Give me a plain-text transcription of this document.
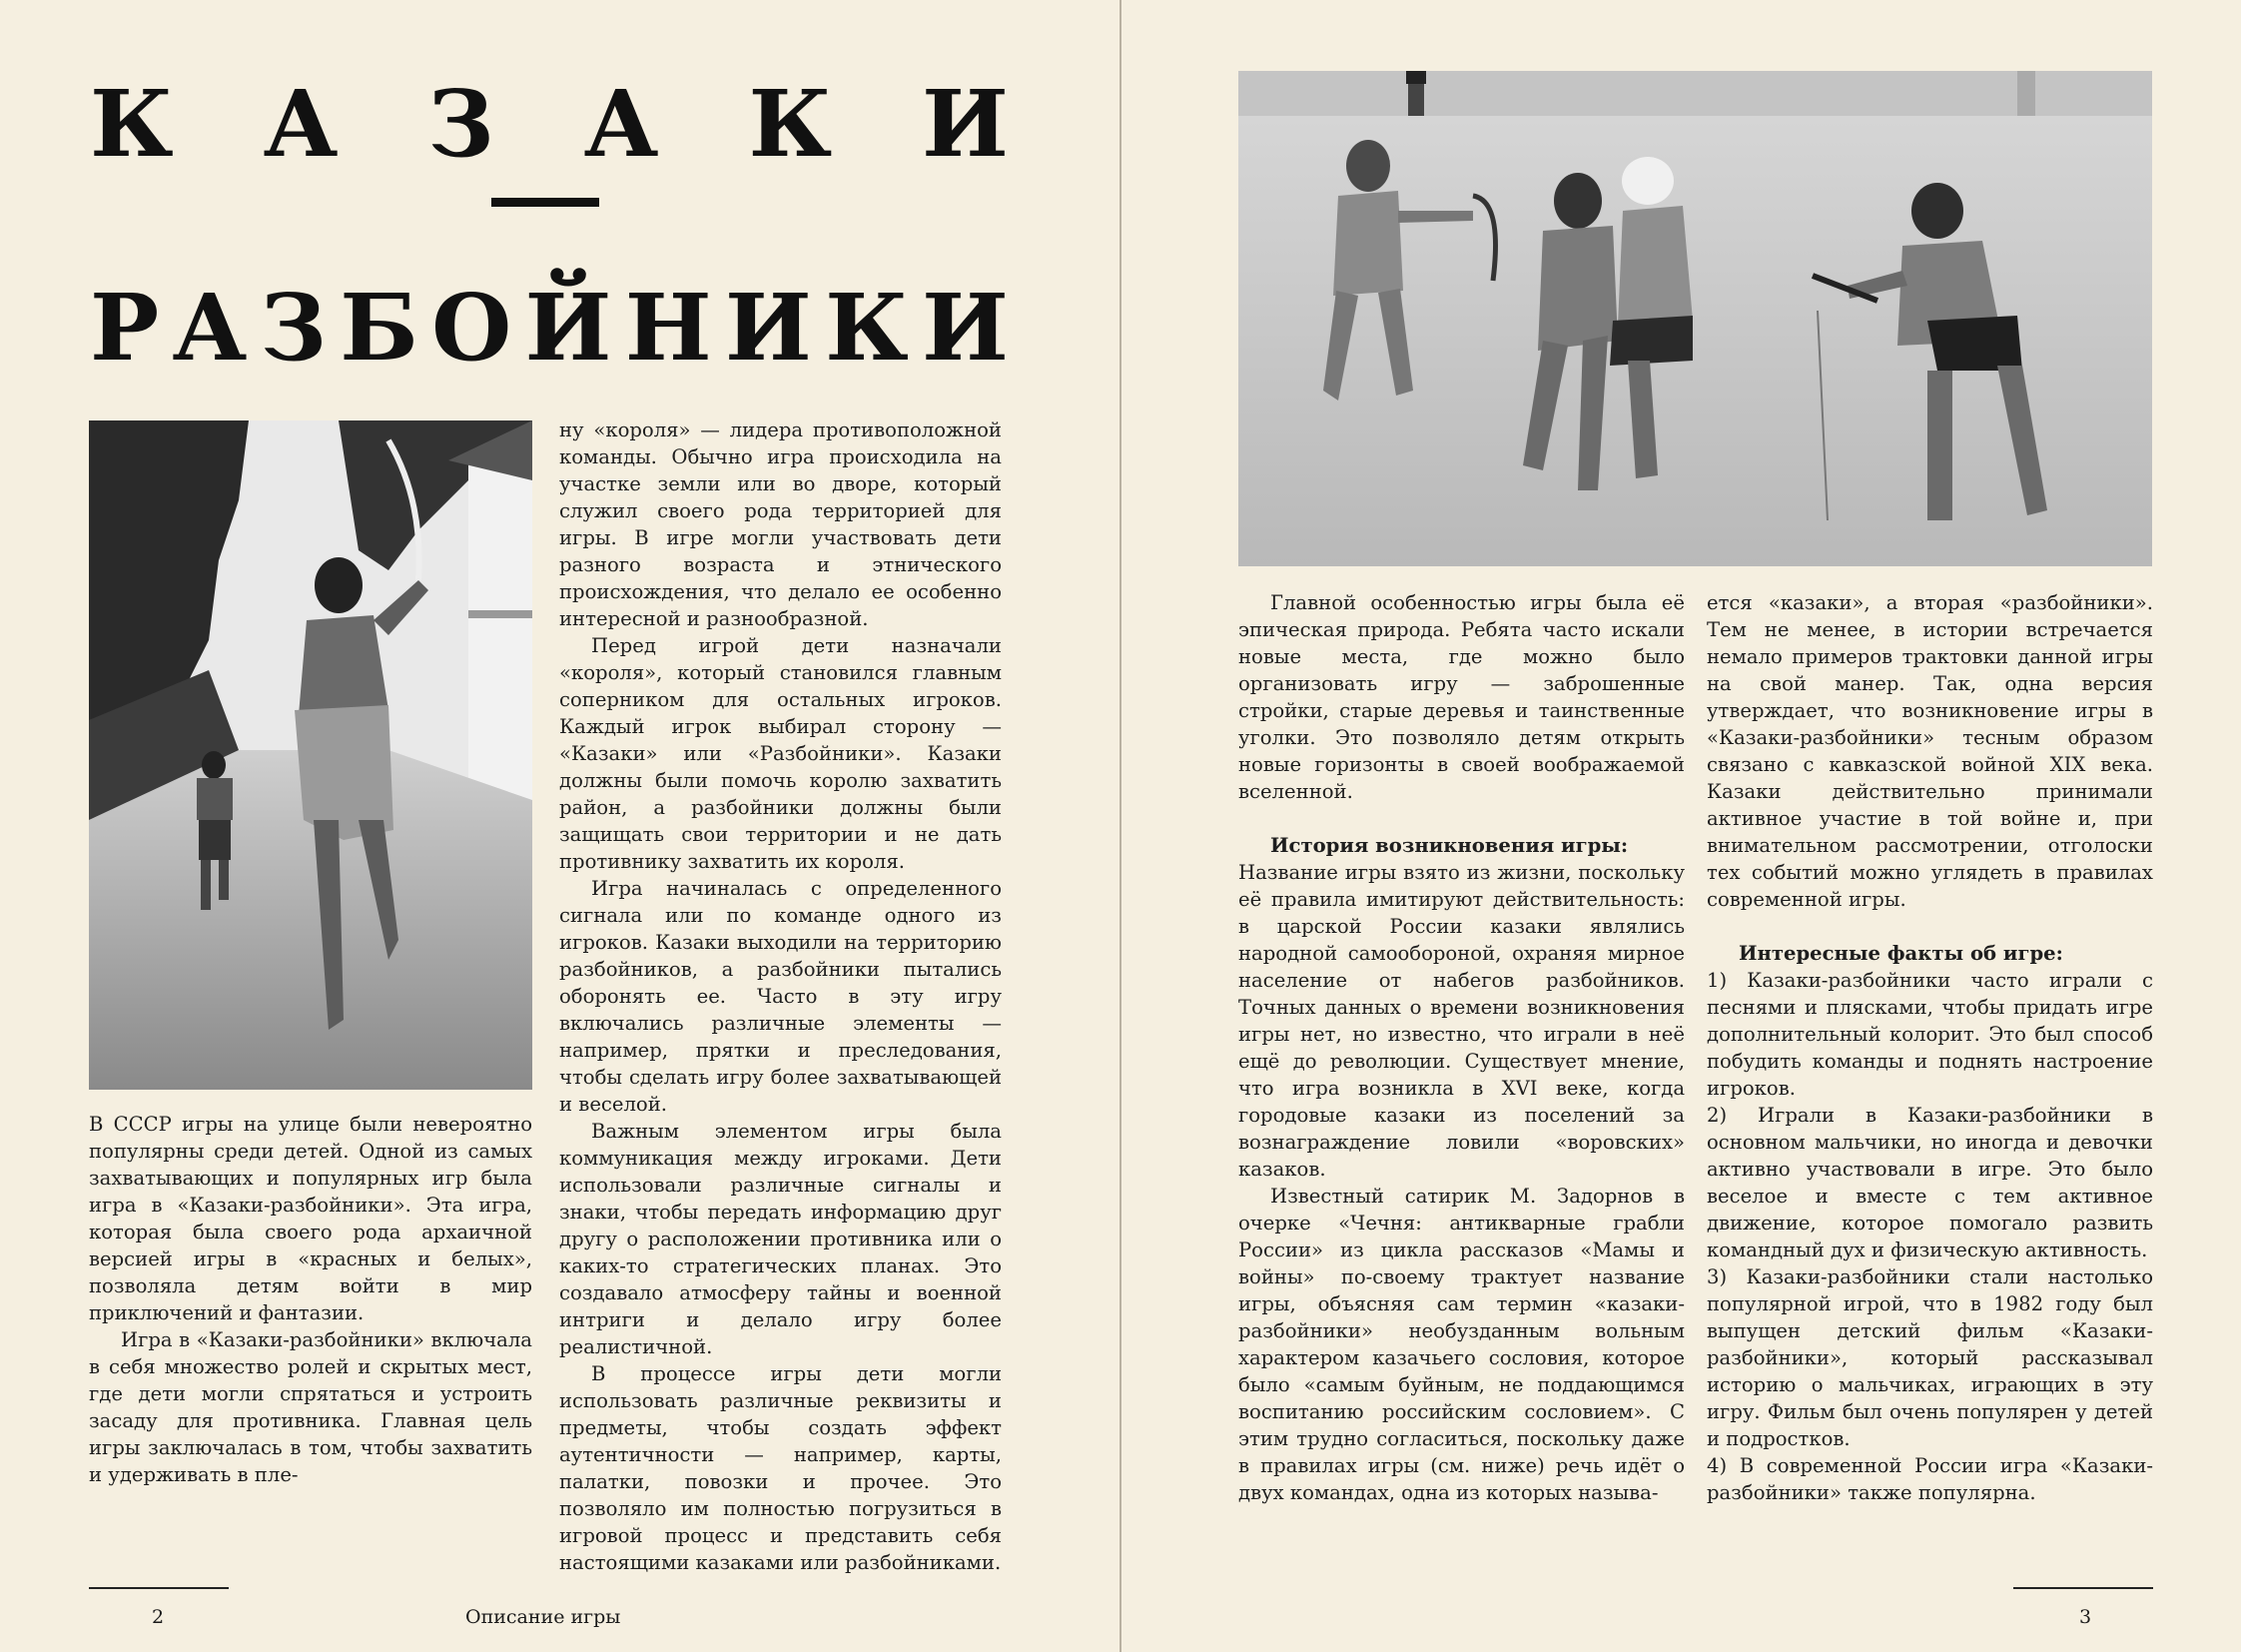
К А З А К И
Р А З Б О Й Н И К И

В СССР игры на улице были невероятно популярны среди детей. Одной из самых захватывающих и популярных игр была игра в «Казаки-разбойники». Эта игра, которая была своего рода архаичной версией игры в «красных и белых», позволяла детям войти в мир приключений и фантазии.

Игра в «Казаки-разбойники» включала в себя множество ролей и скрытых мест, где дети могли спрятаться и устроить засаду для противника. Главная цель игры заключалась в том, чтобы захватить и удерживать в пле-

ну «короля» — лидера противоположной команды. Обычно игра происходила на участке земли или во дворе, который служил своего рода территорией для игры. В игре могли участвовать дети разного возраста и этнического происхождения, что делало ее особенно интересной и разнообразной.

Перед игрой дети назначали «короля», который становился главным соперником для остальных игроков. Каждый игрок выбирал сторону — «Казаки» или «Разбойники». Казаки должны были помочь королю захватить район, а разбойники должны были защищать свои территории и не дать противнику захватить их короля.

Игра начиналась с определенного сигнала или по команде одного из игроков. Казаки выходили на территорию разбойников, а разбойники пытались оборонять ее. Часто в эту игру включались различные элементы — например, прятки и преследования, чтобы сделать игру более захватывающей и веселой.

Важным элементом игры была коммуникация между игроками. Дети использовали различные сигналы и знаки, чтобы передать информацию друг другу о расположении противника или о каких-то стратегических планах. Это создавало атмосферу тайны и военной интриги и делало игру более реалистичной.

В процессе игры дети могли использовать различные реквизиты и предметы, чтобы создать эффект аутентичности — например, карты, палатки, повозки и прочее. Это позволяло им полностью погрузиться в игровой процесс и представить себя настоящими казаками или разбойниками.

2	Описание игры

Главной особенностью игры была её эпическая природа. Ребята часто искали новые места, где можно было организовать игру — заброшенные стройки, старые деревья и таинственные уголки. Это позволяло детям открыть новые горизонты в своей воображаемой вселенной.

История возникновения игры:

Название игры взято из жизни, поскольку её правила имитируют действительность: в царской России казаки являлись народной самообороной, охраняя мирное население от набегов разбойников. Точных данных о времени возникновения игры нет, но известно, что играли в неё ещё до революции. Существует мнение, что игра возникла в XVI веке, когда городовые казаки из поселений за вознаграждение ловили «воровских» казаков.

Известный сатирик М. Задорнов в очерке «Чечня: антикварные грабли России» из цикла рассказов «Мамы и войны» по-своему трактует название игры, объясняя сам термин «казаки-разбойники» необузданным вольным характером казачьего сословия, которое было «самым буйным, не поддающимся воспитанию российским сословием». С этим трудно согласиться, поскольку даже в правилах игры (см. ниже) речь идёт о двух командах, одна из которых называ-

ется «казаки», а вторая «разбойники». Тем не менее, в истории встречается немало примеров трактовки данной игры на свой манер. Так, одна версия утверждает, что возникновение игры в «Казаки-разбойники» тесным образом связано с кавказской войной XIX века. Казаки действительно принимали активное участие в той войне и, при внимательном рассмотрении, отголоски тех событий можно углядеть в правилах современной игры.

Интересные факты об игре:

1) Казаки-разбойники часто играли с песнями и плясками, чтобы придать игре дополнительный колорит. Это был способ побудить команды и поднять настроение игроков.

2) Играли в Казаки-разбойники в основном мальчики, но иногда и девочки активно участвовали в игре. Это было веселое и вместе с тем активное движение, которое помогало развить командный дух и физическую активность.

3) Казаки-разбойники стали настолько популярной игрой, что в 1982 году был выпущен детский фильм «Казаки-разбойники», который рассказывал историю о мальчиках, играющих в эту игру. Фильм был очень популярен у детей и подростков.

4) В современной России игра «Казаки-разбойники» также популярна.

3
